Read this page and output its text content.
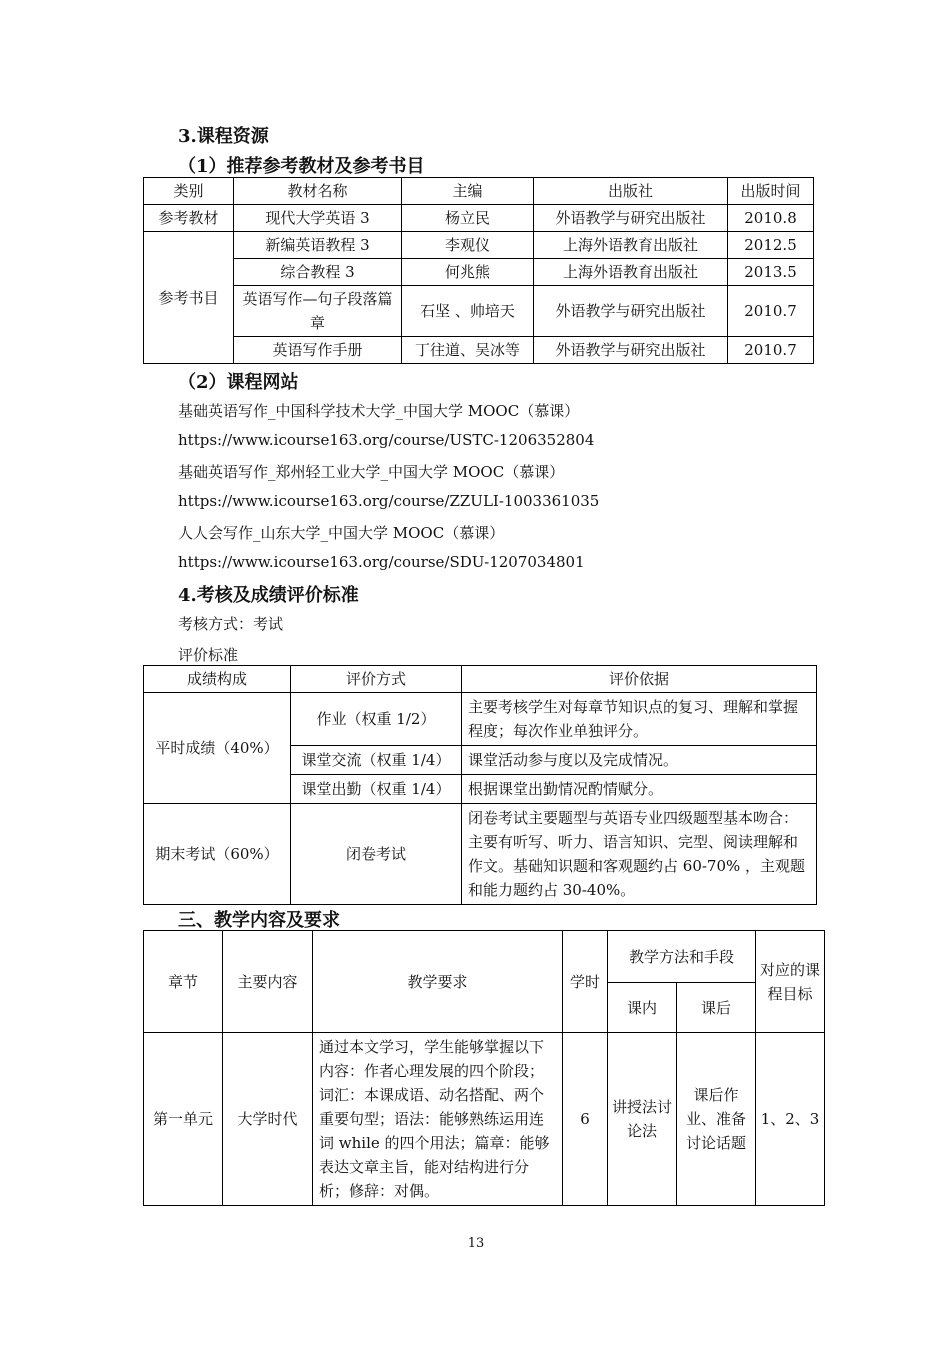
3.课程资源
（1）推荐参考教材及参考书目
类别	教材名称	主编	出版社	出版时间
参考教材	现代大学英语 3	杨立民	外语教学与研究出版社	2010.8
参考书目	新编英语教程 3	李观仪	上海外语教育出版社	2012.5
	综合教程 3	何兆熊	上海外语教育出版社	2013.5
	英语写作—句子段落篇章	石坚 、帅培天	外语教学与研究出版社	2010.7
	英语写作手册	丁往道、吴冰等	外语教学与研究出版社	2010.7
（2）课程网站
基础英语写作_中国科学技术大学_中国大学 MOOC（慕课）
https://www.icourse163.org/course/USTC-1206352804
基础英语写作_郑州轻工业大学_中国大学 MOOC（慕课）
https://www.icourse163.org/course/ZZULI-1003361035
人人会写作_山东大学_中国大学 MOOC（慕课）
https://www.icourse163.org/course/SDU-1207034801
4.考核及成绩评价标准
考核方式：考试
评价标准
成绩构成	评价方式	评价依据
平时成绩（40%）	作业（权重 1/2）	主要考核学生对每章节知识点的复习、理解和掌握程度；每次作业单独评分。
	课堂交流（权重 1/4）	课堂活动参与度以及完成情况。
	课堂出勤（权重 1/4）	根据课堂出勤情况酌情赋分。
期末考试（60%）	闭卷考试	闭卷考试主要题型与英语专业四级题型基本吻合：主要有听写、听力、语言知识、完型、阅读理解和作文。基础知识题和客观题约占 60-70% ，主观题和能力题约占 30-40%。
三、教学内容及要求
章节	主要内容	教学要求	学时	教学方法和手段		对应的课程目标
				课内	课后	
第一单元	大学时代	通过本文学习，学生能够掌握以下内容：作者心理发展的四个阶段；词汇：本课成语、动名搭配、两个重要句型；语法：能够熟练运用连词 while 的四个用法；篇章：能够表达文章主旨，能对结构进行分析；修辞：对偶。	6	讲授法讨论法	课后作业、准备讨论话题	1、2、3
13
